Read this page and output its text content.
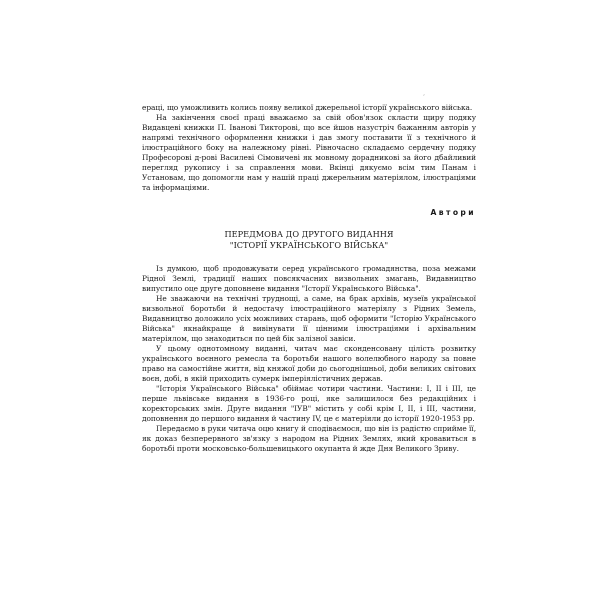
ʼ

ераці, що уможливить колись появу великої джерельної історії українського війська.

На закінчення своєї праці вважаємо за свій обов'язок скласти щиру подяку Видавцеві книжки П. Іванові Тикторові, що все йшов назустріч бажанням авторів у напрямі технічного оформлення книжки і дав змогу поставити її з технічного й ілюстраційного боку на належному рівні. Рівночасно складаємо сердечну подяку Професорові д-рові Василеві Сімовичеві як мовному дорадникові за його дбайливий перегляд рукопису і за справлення мови. Вкінці дякуємо всім тим Панам і Установам, що допомогли нам у нашій праці джерельним матеріялом, ілюстраціями та інформаціями.

Автори
ПЕРЕДМОВА ДО ДРУГОГО ВИДАННЯ
"ІСТОРІЇ УКРАЇНСЬКОГО ВІЙСЬКА"

Із думкою, щоб продовжувати серед українського громадянства, поза межами Рідної Землі, традиції наших повсякчасних визвольних змагань, Видавництво випустило оце друге доповнене видання "Історії Українського Війська".

Не зважаючи на технічні труднощі, а саме, на брак архівів, музеїв української визвольної боротьби й недостачу ілюстраційного матеріялу з Рідних Земель, Видавництво доложило усіх можливих старань, щоб оформити "Історію Українського Війська" якнайкраще й вивінувати її цінними ілюстраціями і архівальним матеріялом, що знаходиться по цей бік залізної завіси.

У цьому однотомному виданні, читач має сконденсовану цілість розвитку українського воєнного ремесла та боротьби нашого волелюбного народу за повне право на самостійне життя, від княжої доби до сьогоднішньої, доби великих світових воєн, добі, в якій приходить сумерк імперіялістичних держав.

"Історія Українського Війська" обіймає чотири частини. Частини: І, ІІ і ІІІ, це перше львівське видання в 1936-го році, яке залишилося без редакційних і коректорських змін. Друге видання "ІУВ" містить у собі крім І, ІІ, і ІІІ, частини, доповнення до першого видання й частину IV, це є матеріяли до історії 1920-1953 рр.

Передаємо в руки читача оцю книгу й сподіваємося, що він із радістю сприйме її, як доказ безперервного зв'язку з народом на Рідних Землях, який кровавиться в боротьбі проти московсько-большевицького окупанта й жде Дня Великого Зриву.
